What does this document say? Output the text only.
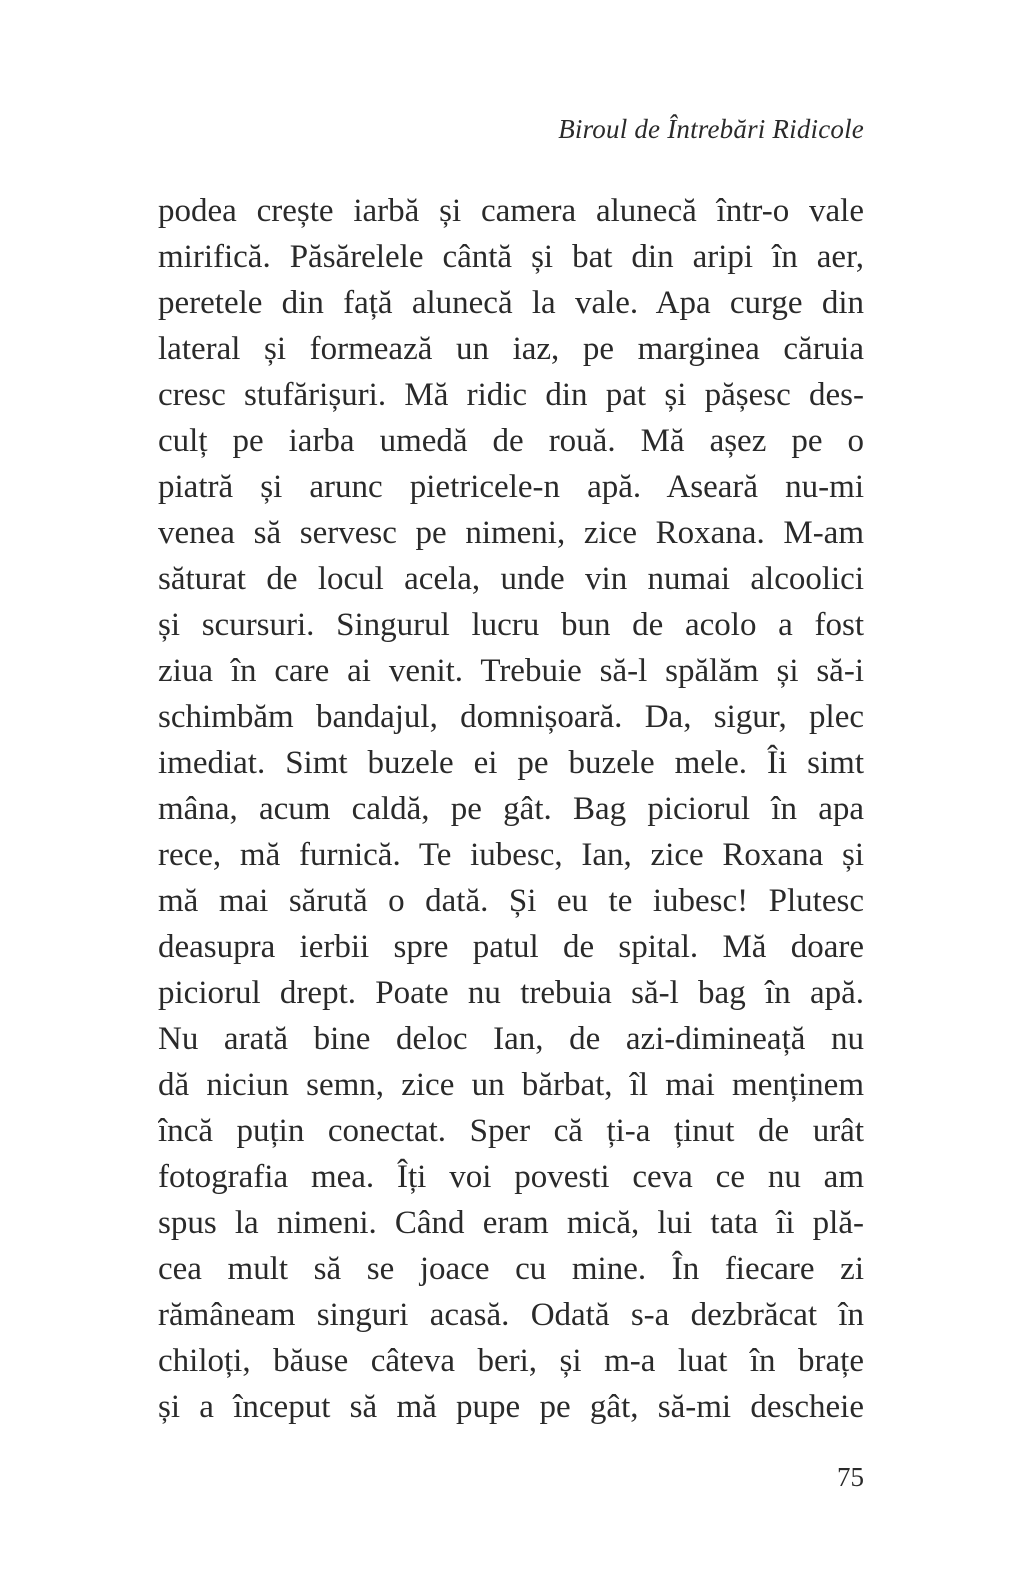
Biroul de Întrebări Ridicole
podea crește iarbă și camera alunecă într-o vale
mirifică. Păsărelele cântă și bat din aripi în aer,
peretele din față alunecă la vale. Apa curge din
lateral și formează un iaz, pe marginea căruia
cresc stufărișuri. Mă ridic din pat și pășesc des-
culț pe iarba umedă de rouă. Mă așez pe o
piatră și arunc pietricele-n apă. Aseară nu-mi
venea să servesc pe nimeni, zice Roxana. M-am
săturat de locul acela, unde vin numai alcoolici
și scursuri. Singurul lucru bun de acolo a fost
ziua în care ai venit. Trebuie să-l spălăm și să-i
schimbăm bandajul, domnișoară. Da, sigur, plec
imediat. Simt buzele ei pe buzele mele. Îi simt
mâna, acum caldă, pe gât. Bag piciorul în apa
rece, mă furnică. Te iubesc, Ian, zice Roxana și
mă mai sărută o dată. Și eu te iubesc! Plutesc
deasupra ierbii spre patul de spital. Mă doare
piciorul drept. Poate nu trebuia să-l bag în apă.
Nu arată bine deloc Ian, de azi-dimineață nu
dă niciun semn, zice un bărbat, îl mai menținem
încă puțin conectat. Sper că ți-a ținut de urât
fotografia mea. Îți voi povesti ceva ce nu am
spus la nimeni. Când eram mică, lui tata îi plă-
cea mult să se joace cu mine. În fiecare zi
rămâneam singuri acasă. Odată s-a dezbrăcat în
chiloți, băuse câteva beri, și m-a luat în brațe
și a început să mă pupe pe gât, să-mi descheie
75
